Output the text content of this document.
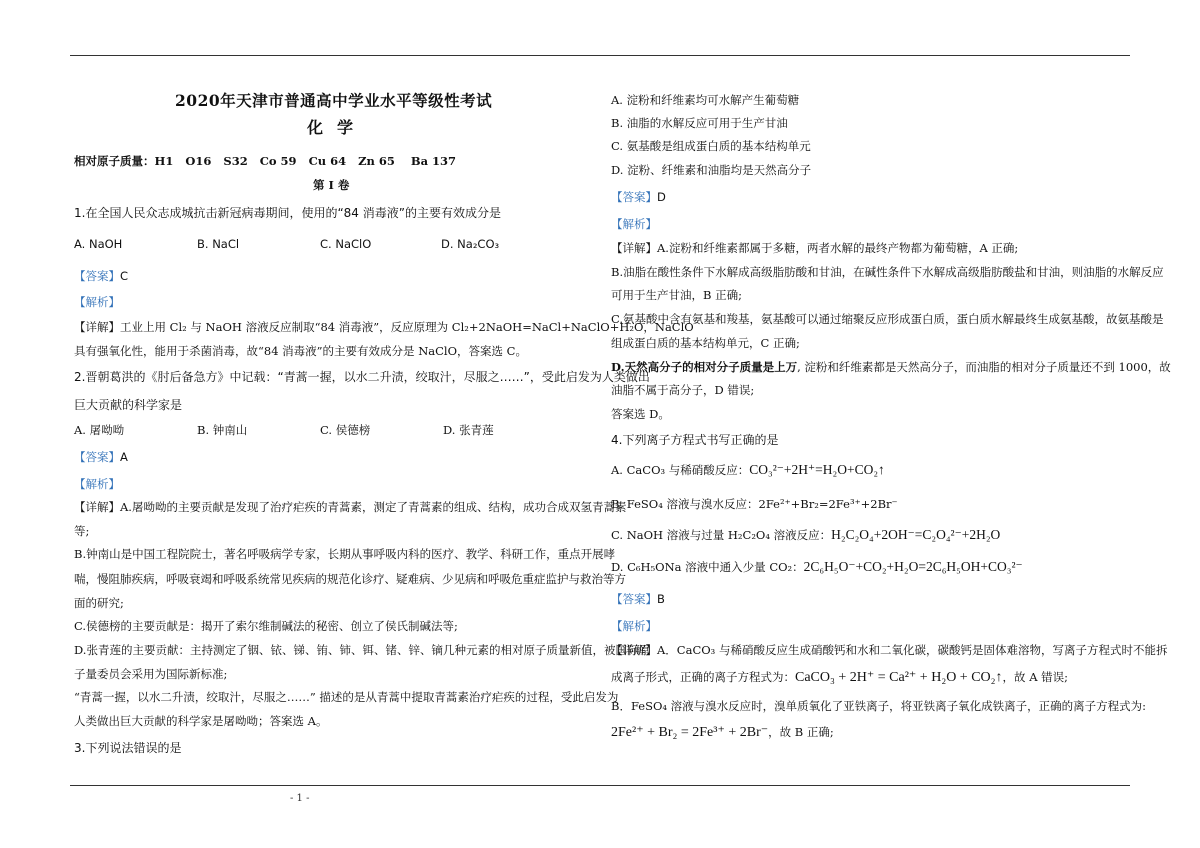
2020年天津市普通高中学业水平等级性考试
化学
相对原子质量：H1   O16   S32   Co 59   Cu 64   Zn 65    Ba 137
第 I 卷
1.在全国人民众志成城抗击新冠病毒期间，使用的“84 消毒液”的主要有效成分是
A. NaOH	B. NaCl	C. NaClO	D. Na₂CO₃
【答案】C
【解析】
【详解】工业上用 Cl₂ 与 NaOH 溶液反应制取“84 消毒液”，反应原理为 Cl₂+2NaOH=NaCl+NaClO+H₂O，NaClO
具有强氧化性，能用于杀菌消毒，故“84 消毒液”的主要有效成分是 NaClO，答案选 C。
2.晋朝葛洪的《肘后备急方》中记载：“青蒿一握，以水二升渍，绞取汁，尽服之……”，受此启发为人类做出
巨大贡献的科学家是
A. 屠呦呦	B. 钟南山	C. 侯德榜	D. 张青莲
【答案】A
【解析】
【详解】A.屠呦呦的主要贡献是发现了治疗疟疾的青蒿素，测定了青蒿素的组成、结构，成功合成双氢青蒿素
等;
B.钟南山是中国工程院院士，著名呼吸病学专家，长期从事呼吸内科的医疗、教学、科研工作，重点开展哮
喘，慢阻肺疾病，呼吸衰竭和呼吸系统常见疾病的规范化诊疗、疑难病、少见病和呼吸危重症监护与救治等方
面的研究;
C.侯德榜的主要贡献是：揭开了索尔维制碱法的秘密、创立了侯氏制碱法等;
D.张青莲的主要贡献：主持测定了铟、铱、锑、铕、铈、铒、锗、锌、镝几种元素的相对原子质量新值，被国际原
子量委员会采用为国际新标准;
“青蒿一握，以水二升渍，绞取汁，尽服之……” 描述的是从青蒿中提取青蒿素治疗疟疾的过程，受此启发为
人类做出巨大贡献的科学家是屠呦呦；答案选 A。
3.下列说法错误的是
A. 淀粉和纤维素均可水解产生葡萄糖
B. 油脂的水解反应可用于生产甘油
C. 氨基酸是组成蛋白质的基本结构单元
D. 淀粉、纤维素和油脂均是天然高分子
【答案】D
【解析】
【详解】A.淀粉和纤维素都属于多糖，两者水解的最终产物都为葡萄糖，A 正确;
B.油脂在酸性条件下水解成高级脂肪酸和甘油，在碱性条件下水解成高级脂肪酸盐和甘油，则油脂的水解反应
可用于生产甘油，B 正确;
C.氨基酸中含有氨基和羧基，氨基酸可以通过缩聚反应形成蛋白质，蛋白质水解最终生成氨基酸，故氨基酸是
组成蛋白质的基本结构单元，C 正确;
D.天然高分子的相对分子质量是上万, 淀粉和纤维素都是天然高分子，而油脂的相对分子质量还不到 1000，故
油脂不属于高分子，D 错误;
答案选 D。
4.下列离子方程式书写正确的是
A. CaCO₃ 与稀硝酸反应：CO₃²⁻+2H⁺=H₂O+CO₂↑
B. FeSO₄ 溶液与溴水反应：2Fe²⁺+Br₂=2Fe³⁺+2Br⁻
C. NaOH 溶液与过量 H₂C₂O₄ 溶液反应：H₂C₂O₄+2OH⁻=C₂O₄²⁻+2H₂O
D. C₆H₅ONa 溶液中通入少量 CO₂：2C₆H₅O⁻+CO₂+H₂O=2C₆H₅OH+CO₃²⁻
【答案】B
【解析】
【详解】A．CaCO₃ 与稀硝酸反应生成硝酸钙和水和二氧化碳，碳酸钙是固体难溶物，写离子方程式时不能拆
成离子形式，正确的离子方程式为：CaCO₃ + 2H⁺ = Ca²⁺ + H₂O + CO₂↑，故 A 错误;
B．FeSO₄ 溶液与溴水反应时，溴单质氧化了亚铁离子，将亚铁离子氧化成铁离子，正确的离子方程式为:
2Fe²⁺ + Br₂ = 2Fe³⁺ + 2Br⁻，故 B 正确;
- 1 -
